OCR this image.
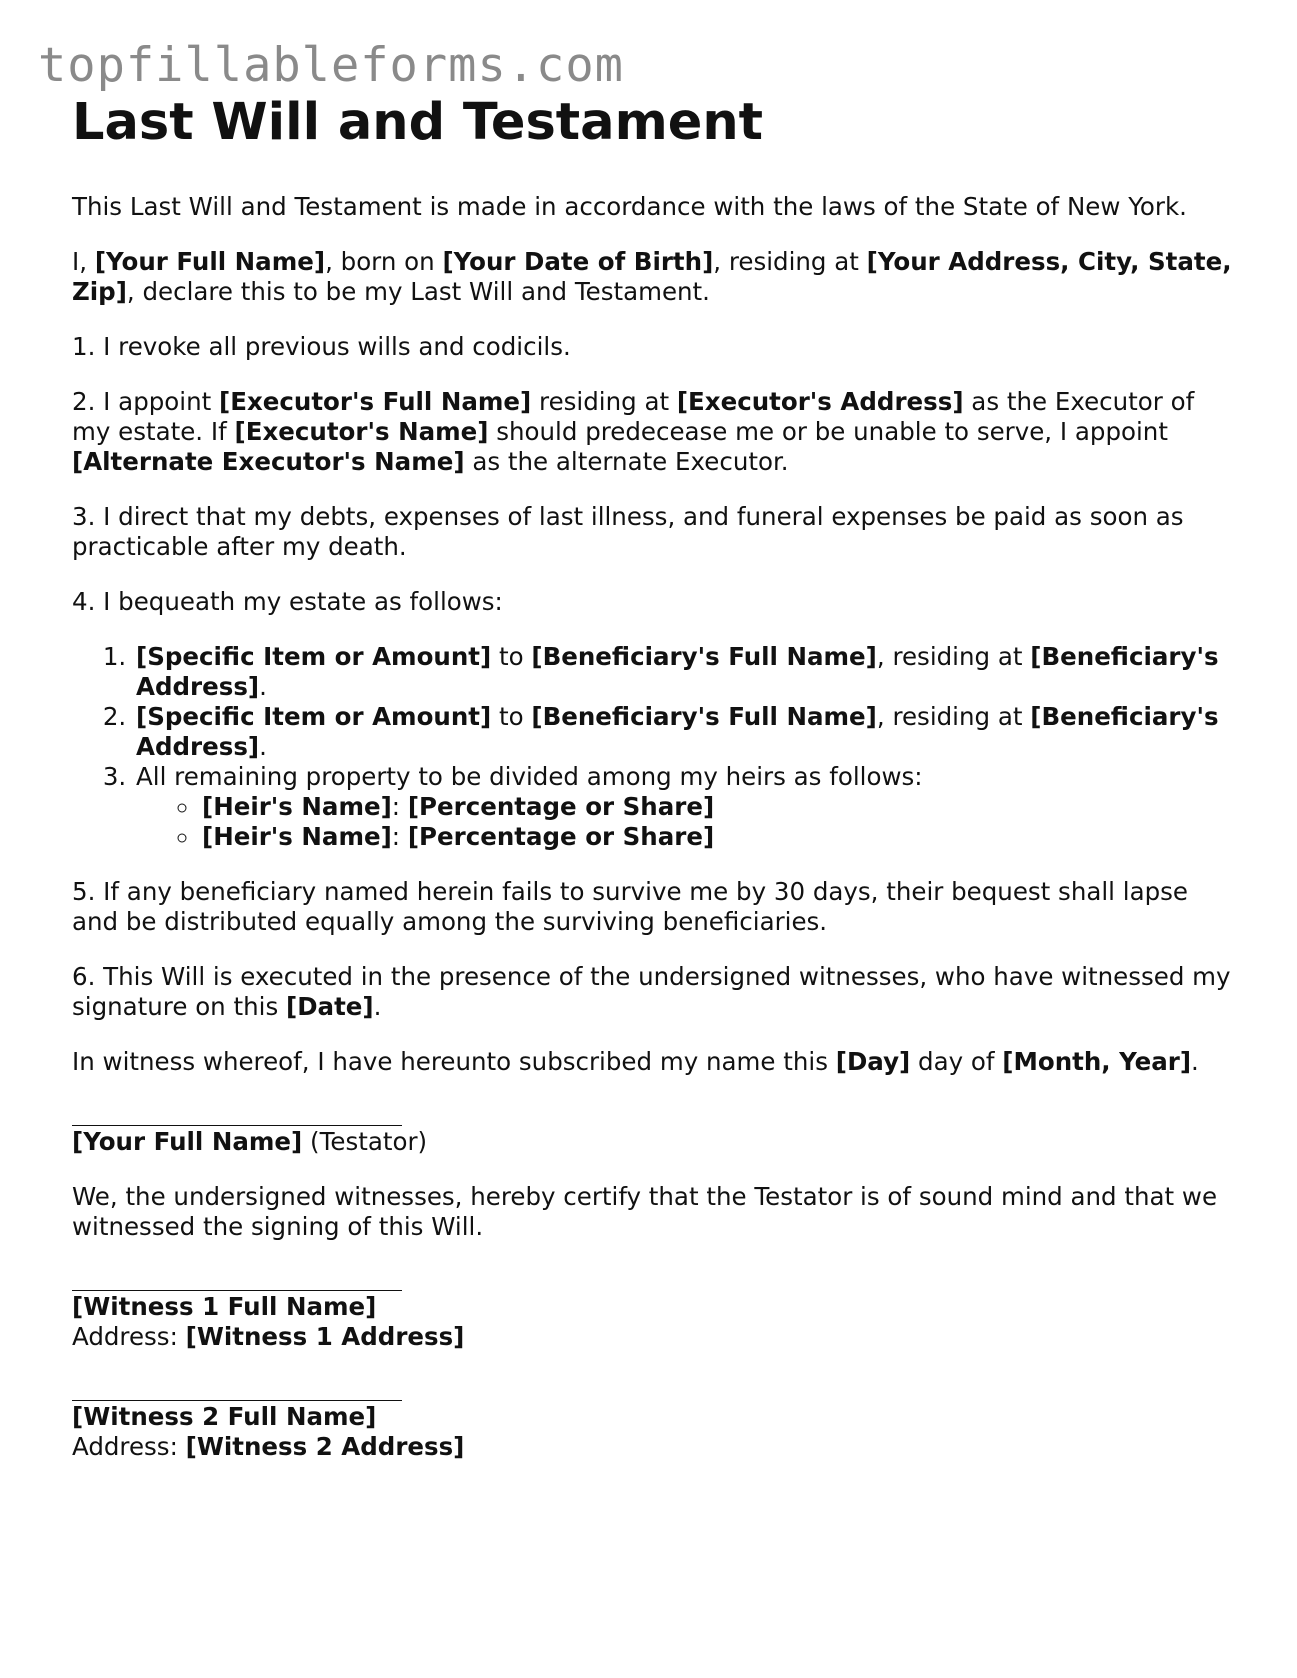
topfillableforms.com
Last Will and Testament

This Last Will and Testament is made in accordance with the laws of the State of New York.

I, [Your Full Name], born on [Your Date of Birth], residing at [Your Address, City, State, Zip], declare this to be my Last Will and Testament.

1. I revoke all previous wills and codicils.

2. I appoint [Executor's Full Name] residing at [Executor's Address] as the Executor of my estate. If [Executor's Name] should predecease me or be unable to serve, I appoint [Alternate Executor's Name] as the alternate Executor.

3. I direct that my debts, expenses of last illness, and funeral expenses be paid as soon as practicable after my death.

4. I bequeath my estate as follows:

1. [Specific Item or Amount] to [Beneficiary's Full Name], residing at [Beneficiary's Address].
2. [Specific Item or Amount] to [Beneficiary's Full Name], residing at [Beneficiary's Address].
3. All remaining property to be divided among my heirs as follows:
◦ [Heir's Name]: [Percentage or Share]
◦ [Heir's Name]: [Percentage or Share]

5. If any beneficiary named herein fails to survive me by 30 days, their bequest shall lapse and be distributed equally among the surviving beneficiaries.

6. This Will is executed in the presence of the undersigned witnesses, who have witnessed my signature on this [Date].

In witness whereof, I have hereunto subscribed my name this [Day] day of [Month, Year].

[Your Full Name] (Testator)

We, the undersigned witnesses, hereby certify that the Testator is of sound mind and that we witnessed the signing of this Will.

[Witness 1 Full Name]
Address: [Witness 1 Address]
[Witness 2 Full Name]
Address: [Witness 2 Address]
